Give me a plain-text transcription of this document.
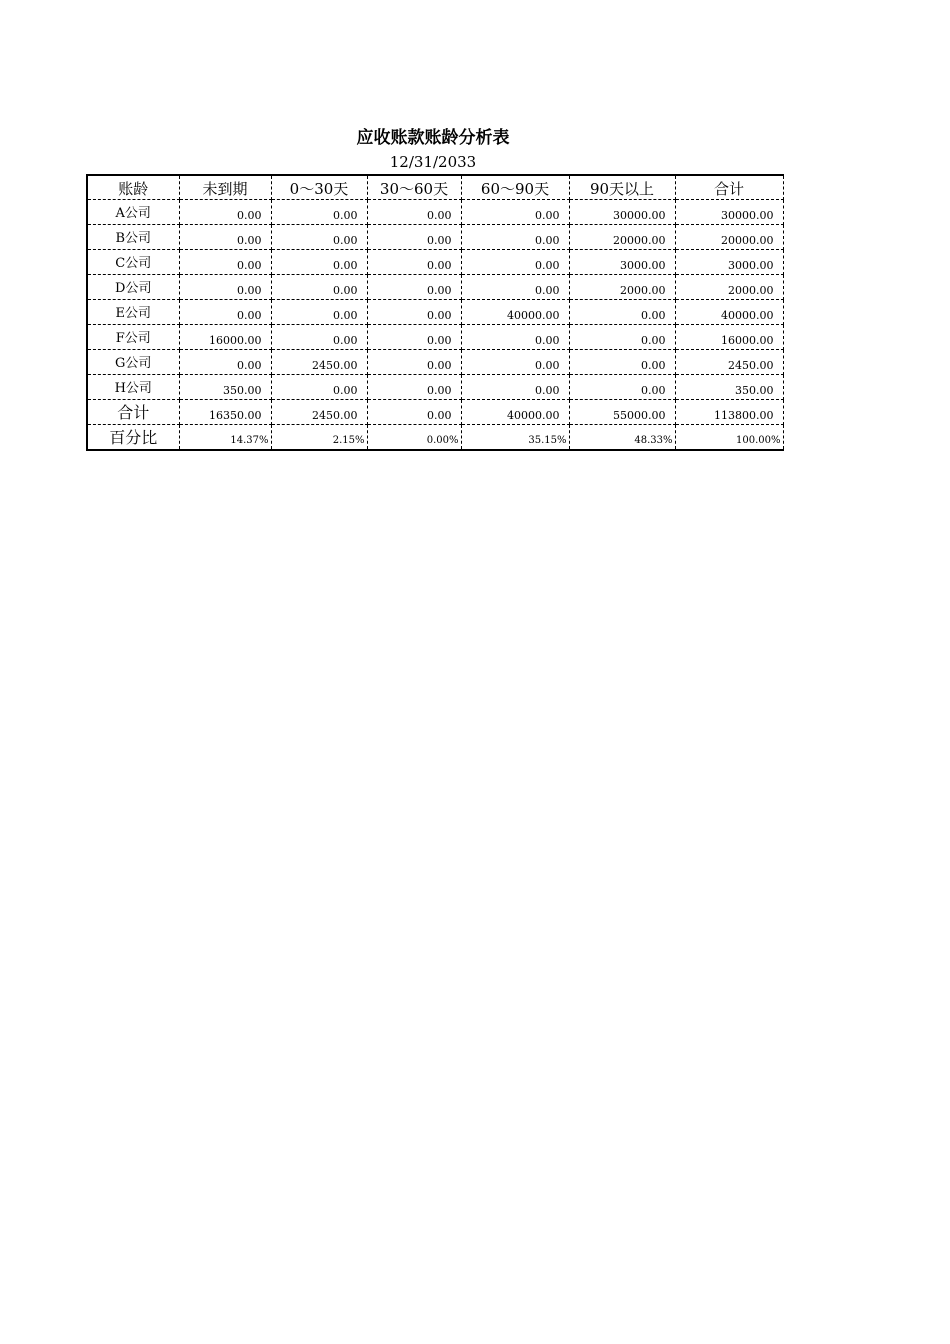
应收账款账龄分析表
12/31/2033
账龄	未到期	0～30天	30～60天	60～90天	90天以上	合计
A公司	0.00	0.00	0.00	0.00	30000.00	30000.00
B公司	0.00	0.00	0.00	0.00	20000.00	20000.00
C公司	0.00	0.00	0.00	0.00	3000.00	3000.00
D公司	0.00	0.00	0.00	0.00	2000.00	2000.00
E公司	0.00	0.00	0.00	40000.00	0.00	40000.00
F公司	16000.00	0.00	0.00	0.00	0.00	16000.00
G公司	0.00	2450.00	0.00	0.00	0.00	2450.00
H公司	350.00	0.00	0.00	0.00	0.00	350.00
合计	16350.00	2450.00	0.00	40000.00	55000.00	113800.00
百分比	14.37%	2.15%	0.00%	35.15%	48.33%	100.00%
